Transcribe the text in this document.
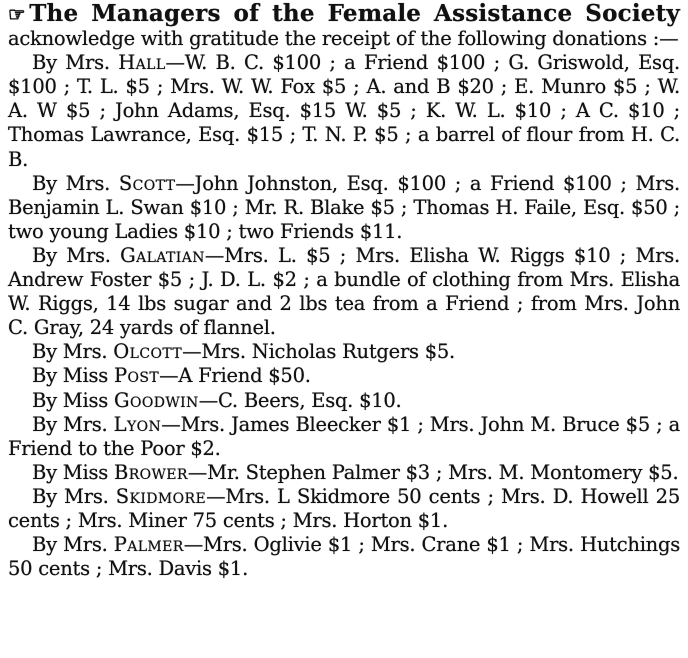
☞ The Managers of the Female Assistance Society acknowledge with gratitude the receipt of the following donations :—

By Mrs. Hall—W. B. C. $100 ; a Friend $100 ; G. Griswold, Esq. $100 ; T. L. $5 ; Mrs. W. W. Fox $5 ; A. and B $20 ; E. Munro $5 ; W. A. W $5 ; John Adams, Esq. $15 W. $5 ; K. W. L. $10 ; A C. $10 ; Thomas Lawrance, Esq. $15 ; T. N. P. $5 ; a barrel of flour from H. C. B.

By Mrs. Scott—John Johnston, Esq. $100 ; a Friend $100 ; Mrs. Benjamin L. Swan $10 ; Mr. R. Blake $5 ; Thomas H. Faile, Esq. $50 ; two young Ladies $10 ; two Friends $11.

By Mrs. Galatian—Mrs. L. $5 ; Mrs. Elisha W. Riggs $10 ; Mrs. Andrew Foster $5 ; J. D. L. $2 ; a bundle of clothing from Mrs. Elisha W. Riggs, 14 lbs sugar and 2 lbs tea from a Friend ; from Mrs. John C. Gray, 24 yards of flannel.

By Mrs. Olcott—Mrs. Nicholas Rutgers $5.

By Miss Post—A Friend $50.

By Miss Goodwin—C. Beers, Esq. $10.

By Mrs. Lyon—Mrs. James Bleecker $1 ; Mrs. John M. Bruce $5 ; a Friend to the Poor $2.

By Miss Brower—Mr. Stephen Palmer $3 ; Mrs. M. Montomery $5.

By Mrs. Skidmore—Mrs. L Skidmore 50 cents ; Mrs. D. Howell 25 cents ; Mrs. Miner 75 cents ; Mrs. Horton $1.

By Mrs. Palmer—Mrs. Oglivie $1 ; Mrs. Crane $1 ; Mrs. Hutchings 50 cents ; Mrs. Davis $1.
